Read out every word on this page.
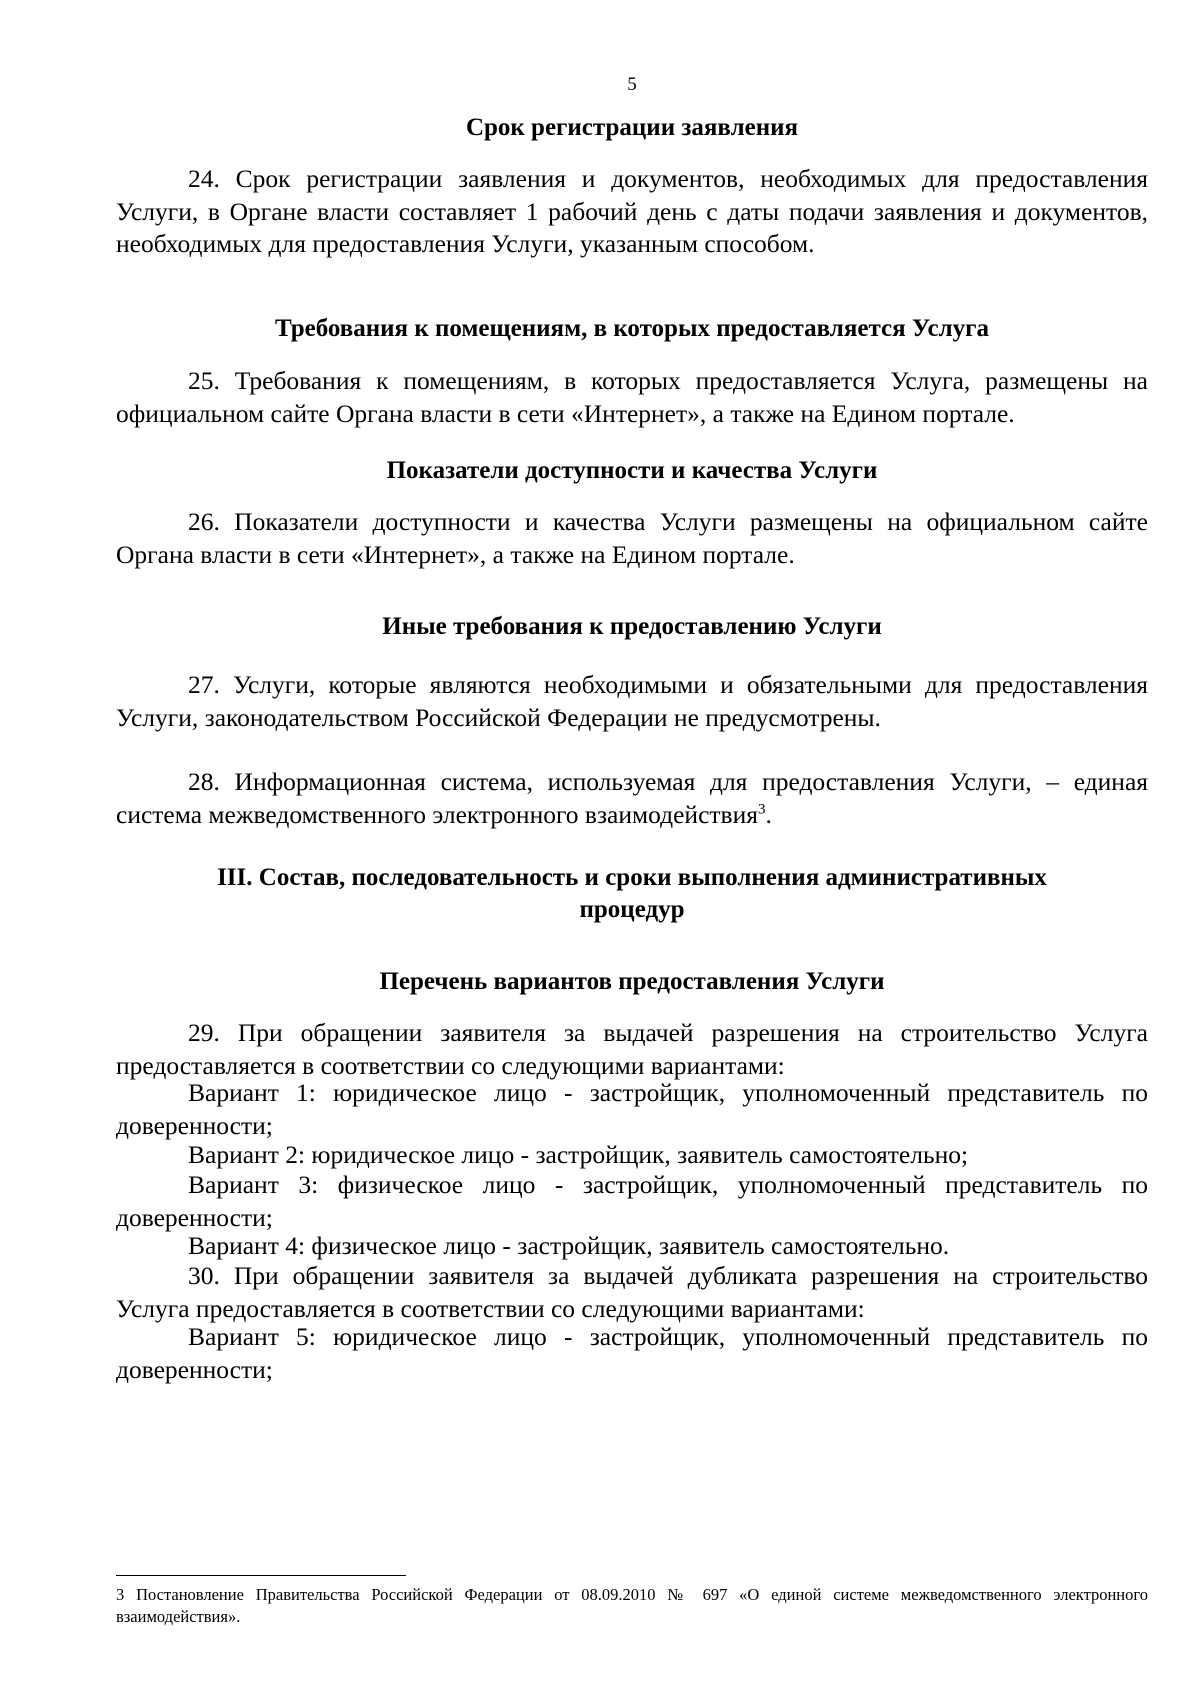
5
Срок регистрации заявления

24. Срок регистрации заявления и документов, необходимых для предоставления Услуги, в Органе власти составляет 1 рабочий день с даты подачи заявления и документов, необходимых для предоставления Услуги, указанным способом.

Требования к помещениям, в которых предоставляется Услуга

25. Требования к помещениям, в которых предоставляется Услуга, размещены на официальном сайте Органа власти в сети «Интернет», а также на Едином портале.

Показатели доступности и качества Услуги

26. Показатели доступности и качества Услуги размещены на официальном сайте Органа власти в сети «Интернет», а также на Едином портале.

Иные требования к предоставлению Услуги

27. Услуги, которые являются необходимыми и обязательными для предоставления Услуги, законодательством Российской Федерации не предусмотрены.

28. Информационная система, используемая для предоставления Услуги, – единая система межведомственного электронного взаимодействия$^3$.

III. Состав, последовательность и сроки выполнения административных
процедур
Перечень вариантов предоставления Услуги

29. При обращении заявителя за выдачей разрешения на строительство Услуга предоставляется в соответствии со следующими вариантами:

Вариант 1: юридическое лицо - застройщик, уполномоченный представитель по доверенности;

Вариант 2: юридическое лицо - застройщик, заявитель самостоятельно;

Вариант 3: физическое лицо - застройщик, уполномоченный представитель по доверенности;

Вариант 4: физическое лицо - застройщик, заявитель самостоятельно.

30. При обращении заявителя за выдачей дубликата разрешения на строительство Услуга предоставляется в соответствии со следующими вариантами:

Вариант 5: юридическое лицо - застройщик, уполномоченный представитель по доверенности;

3 Постановление Правительства Российской Федерации от 08.09.2010 № 697 «О единой системе межведомственного электронного взаимодействия».
